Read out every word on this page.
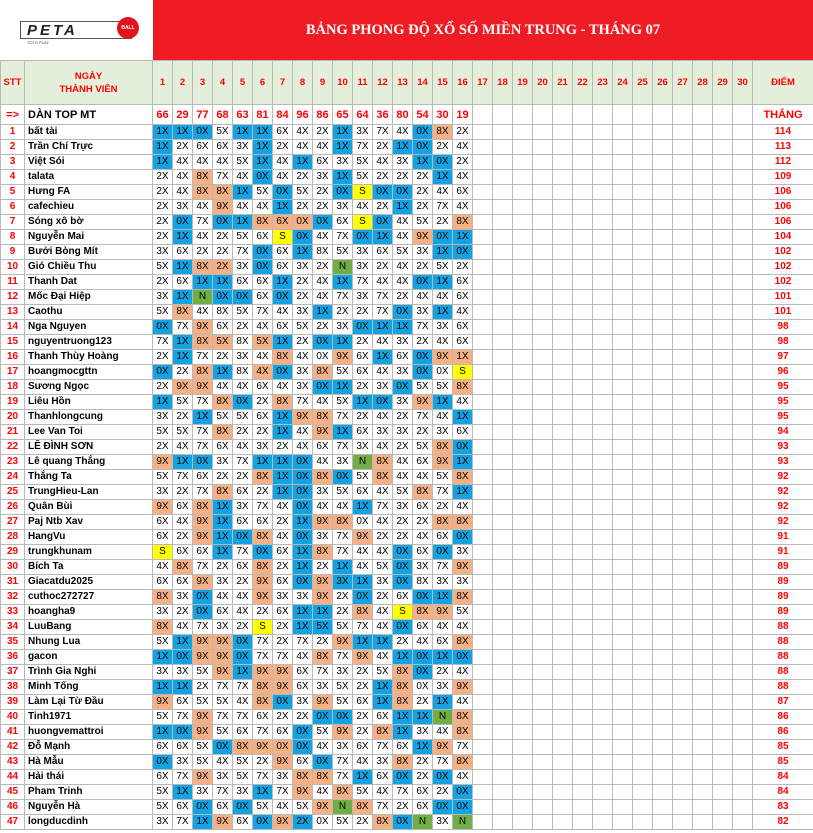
PETA
TOTO PLAY
BALL	BẢNG PHONG ĐỘ XỔ SỐ MIỀN TRUNG - THÁNG 07
STT	NGÀY
THÀNH VIÊN	1	2	3	4	5	6	7	8	9	10	11	12	13	14	15	16	17	18	19	20	21	22	23	24	25	26	27	28	29	30	ĐIỂM
=>	DÀN TOP MT	66	29	77	68	63	81	84	96	86	65	64	36	80	54	30	19															THẮNG
1	bất tài	1X	1X	0X	5X	1X	1X	6X	4X	2X	1X	3X	7X	4X	0X	8X	2X															114
2	Trần Chí Trực	1X	2X	6X	6X	3X	1X	2X	4X	4X	1X	7X	2X	1X	0X	2X	4X															113
3	Việt Sói	1X	4X	4X	4X	5X	1X	4X	1X	6X	3X	5X	4X	3X	1X	0X	2X															112
4	talata	2X	4X	8X	7X	4X	0X	4X	2X	3X	1X	5X	2X	2X	2X	1X	4X															109
5	Hưng FA	2X	4X	8X	8X	1X	5X	0X	5X	2X	0X	S	0X	0X	2X	4X	6X															106
6	cafechieu	2X	3X	4X	9X	4X	4X	1X	2X	2X	3X	4X	2X	1X	2X	7X	4X															106
7	Sóng xô bờ	2X	0X	7X	0X	1X	8X	6X	0X	0X	6X	S	0X	4X	5X	2X	8X															106
8	Nguyễn Mai	2X	1X	4X	2X	5X	6X	S	0X	4X	7X	0X	1X	4X	9X	0X	1X															104
9	Bưởi Bòng Mít	3X	6X	2X	2X	7X	0X	6X	1X	8X	5X	3X	6X	5X	3X	1X	0X															102
10	Gió Chiều Thu	5X	1X	8X	2X	3X	0X	6X	3X	2X	N	3X	2X	4X	2X	5X	2X															102
11	Thanh Dat	2X	6X	1X	1X	6X	6X	1X	2X	4X	1X	7X	4X	4X	0X	1X	6X															102
12	Mốc Đại Hiệp	3X	1X	N	0X	0X	6X	0X	2X	4X	7X	3X	7X	2X	4X	4X	6X															101
13	Caothu	5X	8X	4X	8X	5X	7X	4X	3X	1X	2X	2X	7X	0X	3X	1X	4X															101
14	Nga Nguyen	0X	7X	9X	6X	2X	4X	6X	5X	2X	3X	0X	1X	1X	7X	3X	6X															98
15	nguyentruong123	7X	1X	8X	5X	8X	5X	1X	2X	0X	1X	2X	4X	3X	2X	4X	6X															98
16	Thanh Thùy Hoàng	2X	1X	7X	2X	3X	4X	8X	4X	0X	9X	6X	1X	6X	0X	9X	1X															97
17	hoangmocgttn	0X	2X	8X	1X	8X	4X	0X	3X	8X	5X	6X	4X	3X	0X	0X	S															96
18	Sương Ngọc	2X	9X	9X	4X	4X	6X	4X	3X	0X	1X	2X	3X	0X	5X	5X	8X															95
19	Liêu Hồn	1X	5X	7X	8X	0X	2X	8X	7X	4X	5X	1X	0X	3X	9X	1X	4X															95
20	Thanhlongcung	3X	2X	1X	5X	5X	6X	1X	9X	8X	7X	2X	4X	2X	7X	4X	1X															95
21	Lee Van Toi	5X	5X	7X	8X	2X	2X	1X	4X	9X	1X	6X	3X	3X	2X	3X	6X															94
22	LÊ ĐÌNH SƠN	2X	4X	7X	6X	4X	3X	2X	4X	6X	7X	3X	4X	2X	5X	8X	0X															93
23	Lê quang Thắng	9X	1X	0X	3X	7X	1X	1X	0X	4X	3X	N	8X	4X	6X	9X	1X															93
24	Thắng Ta	5X	7X	6X	2X	2X	8X	1X	0X	8X	0X	5X	8X	4X	4X	5X	8X															92
25	TrungHieu-Lan	3X	2X	7X	8X	6X	2X	1X	0X	3X	5X	6X	4X	5X	8X	7X	1X															92
26	Quân Bùi	9X	6X	8X	1X	3X	7X	4X	0X	4X	4X	1X	7X	3X	6X	2X	4X															92
27	Paj Ntb Xav	6X	4X	9X	1X	6X	6X	2X	1X	9X	8X	0X	4X	2X	2X	8X	8X															92
28	HangVu	6X	2X	9X	1X	0X	8X	4X	0X	3X	7X	9X	2X	2X	4X	6X	0X															91
29	trungkhunam	S	6X	6X	1X	7X	0X	6X	1X	8X	7X	4X	4X	0X	6X	0X	3X															91
30	Bích Ta	4X	8X	7X	2X	6X	8X	2X	1X	2X	1X	4X	5X	0X	3X	7X	9X															89
31	Giacatdu2025	6X	6X	9X	3X	2X	9X	6X	0X	9X	3X	1X	3X	0X	8X	3X	3X															89
32	cuthoc272727	8X	3X	0X	4X	4X	9X	3X	3X	9X	2X	0X	2X	6X	0X	1X	8X															89
33	hoangha9	3X	2X	0X	6X	4X	2X	6X	1X	1X	2X	8X	4X	S	8X	9X	5X															89
34	LuuBang	8X	4X	7X	3X	2X	S	2X	1X	5X	5X	7X	4X	0X	6X	4X	4X															88
35	Nhung Lua	5X	1X	9X	9X	0X	7X	2X	7X	2X	9X	1X	1X	2X	4X	6X	8X															88
36	gacon	1X	0X	9X	9X	0X	7X	7X	4X	8X	7X	9X	4X	1X	0X	1X	0X															88
37	Trình Gia Nghi	3X	3X	5X	9X	1X	9X	9X	6X	7X	3X	2X	5X	8X	0X	2X	4X															88
38	Minh Tống	1X	1X	2X	7X	7X	8X	9X	6X	3X	5X	2X	1X	8X	0X	3X	9X															88
39	Làm Lại Từ Đầu	9X	6X	5X	5X	4X	8X	0X	3X	9X	5X	6X	1X	8X	2X	1X	4X															87
40	Tinh1971	5X	7X	9X	7X	7X	6X	2X	2X	0X	0X	2X	6X	1X	1X	N	8X															86
41	huongvemattroi	1X	0X	9X	5X	6X	7X	6X	0X	5X	9X	2X	8X	1X	3X	4X	8X															86
42	Đỗ Mạnh	6X	6X	5X	0X	8X	9X	0X	0X	4X	3X	6X	7X	6X	1X	9X	7X															85
43	Hà Mẫu	0X	3X	5X	4X	5X	2X	9X	6X	0X	7X	4X	3X	8X	2X	7X	8X															85
44	Hải thái	6X	7X	9X	3X	5X	7X	3X	8X	8X	7X	1X	6X	0X	2X	0X	4X															84
45	Pham Trinh	5X	1X	3X	7X	3X	1X	7X	9X	4X	8X	5X	4X	7X	6X	2X	0X															84
46	Nguyễn Hà	5X	6X	0X	6X	0X	5X	4X	5X	9X	N	8X	7X	2X	6X	0X	0X															83
47	longducdinh	3X	7X	1X	9X	6X	0X	9X	2X	0X	5X	2X	8X	0X	N	3X	N															82
